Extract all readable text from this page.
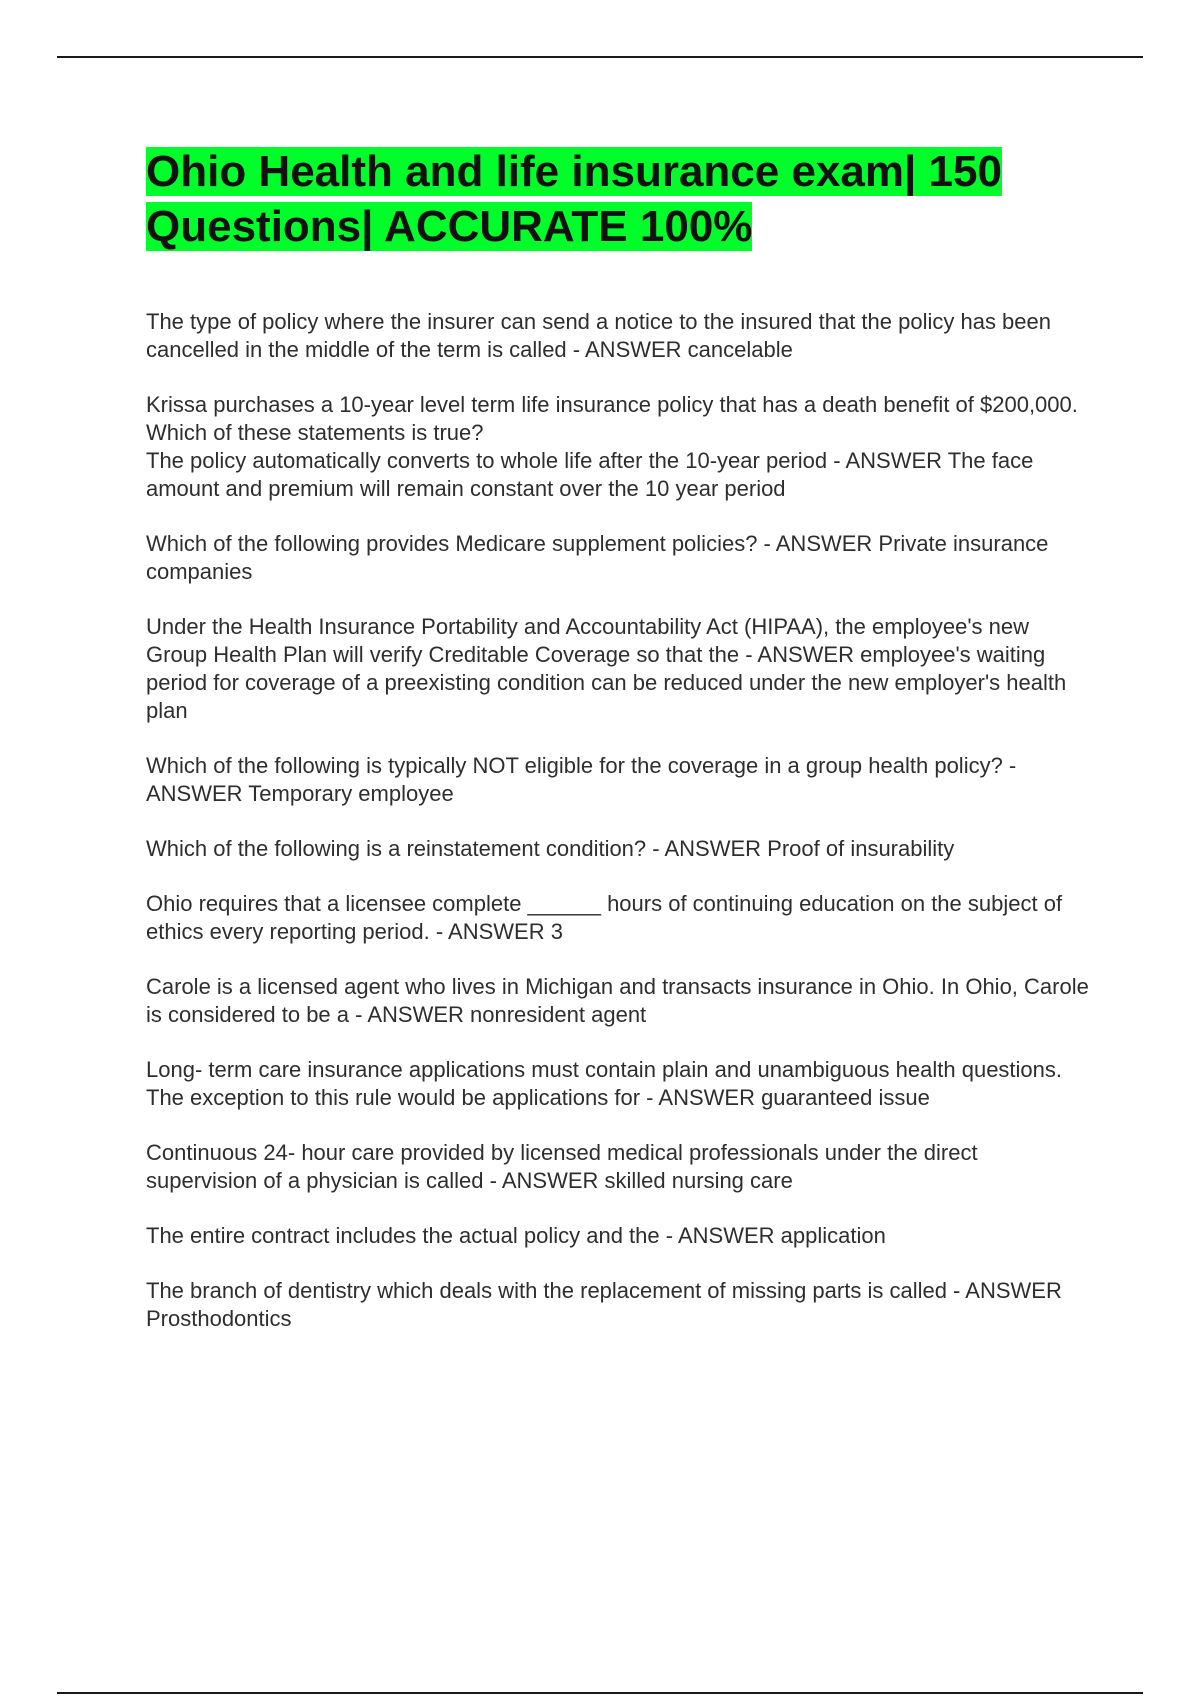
Ohio Health and life insurance exam| 150 Questions| ACCURATE 100%

The type of policy where the insurer can send a notice to the insured that the policy has been cancelled in the middle of the term is called - ANSWER cancelable

Krissa purchases a 10-year level term life insurance policy that has a death benefit of $200,000. Which of these statements is true?
The policy automatically converts to whole life after the 10-year period - ANSWER The face amount and premium will remain constant over the 10 year period

Which of the following provides Medicare supplement policies? - ANSWER Private insurance companies

Under the Health Insurance Portability and Accountability Act (HIPAA), the employee's new Group Health Plan will verify Creditable Coverage so that the - ANSWER employee's waiting period for coverage of a preexisting condition can be reduced under the new employer's health plan

Which of the following is typically NOT eligible for the coverage in a group health policy? - ANSWER Temporary employee

Which of the following is a reinstatement condition? - ANSWER Proof of insurability

Ohio requires that a licensee complete ______ hours of continuing education on the subject of ethics every reporting period. - ANSWER 3

Carole is a licensed agent who lives in Michigan and transacts insurance in Ohio. In Ohio, Carole is considered to be a - ANSWER nonresident agent

Long- term care insurance applications must contain plain and unambiguous health questions. The exception to this rule would be applications for - ANSWER guaranteed issue

Continuous 24- hour care provided by licensed medical professionals under the direct supervision of a physician is called - ANSWER skilled nursing care

The entire contract includes the actual policy and the - ANSWER application

The branch of dentistry which deals with the replacement of missing parts is called - ANSWER Prosthodontics
